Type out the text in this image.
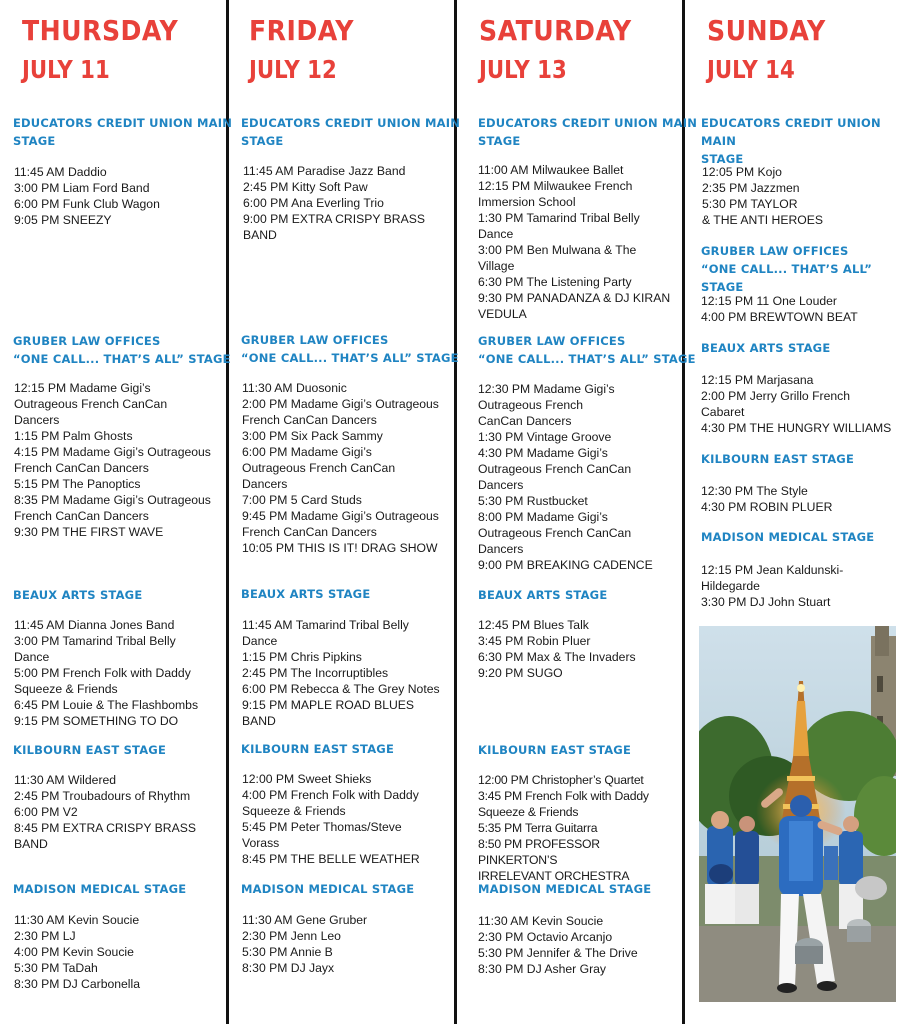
THURSDAY
JULY 11
FRIDAY
JULY 12
SATURDAY
JULY 13
SUNDAY
JULY 14
EDUCATORS CREDIT UNION MAIN
STAGE
11:45 AM Daddio
3:00 PM Liam Ford Band
6:00 PM Funk Club Wagon
9:05 PM SNEEZY
GRUBER LAW OFFICES
“ONE CALL... THAT’S ALL” STAGE
12:15 PM Madame Gigi’s
Outrageous French CanCan
Dancers
1:15 PM Palm Ghosts
4:15 PM Madame Gigi’s Outrageous
French CanCan Dancers
5:15 PM The Panoptics
8:35 PM Madame Gigi’s Outrageous
French CanCan Dancers
9:30 PM THE FIRST WAVE
BEAUX ARTS STAGE
11:45 AM Dianna Jones Band
3:00 PM Tamarind Tribal Belly
Dance
5:00 PM French Folk with Daddy
Squeeze & Friends
6:45 PM Louie & The Flashbombs
9:15 PM SOMETHING TO DO
KILBOURN EAST STAGE
11:30 AM Wildered
2:45 PM Troubadours of Rhythm
6:00 PM V2
8:45 PM EXTRA CRISPY BRASS
BAND
MADISON MEDICAL STAGE
11:30 AM Kevin Soucie
2:30 PM LJ
4:00 PM Kevin Soucie
5:30 PM TaDah
8:30 PM DJ Carbonella
EDUCATORS CREDIT UNION MAIN
STAGE
11:45 AM Paradise Jazz Band
2:45 PM Kitty Soft Paw
6:00 PM Ana Everling Trio
9:00 PM EXTRA CRISPY BRASS
BAND
GRUBER LAW OFFICES
“ONE CALL... THAT’S ALL” STAGE
11:30 AM Duosonic
2:00 PM Madame Gigi’s Outrageous
French CanCan Dancers
3:00 PM Six Pack Sammy
6:00 PM Madame Gigi’s
Outrageous French CanCan
Dancers
7:00 PM 5 Card Studs
9:45 PM Madame Gigi’s Outrageous
French CanCan Dancers
10:05 PM THIS IS IT! DRAG SHOW
BEAUX ARTS STAGE
11:45 AM Tamarind Tribal Belly
Dance
1:15 PM Chris Pipkins
2:45 PM The Incorruptibles
6:00 PM Rebecca & The Grey Notes
9:15 PM MAPLE ROAD BLUES
BAND
KILBOURN EAST STAGE
12:00 PM Sweet Shieks
4:00 PM French Folk with Daddy
Squeeze & Friends
5:45 PM Peter Thomas/Steve
Vorass
8:45 PM THE BELLE WEATHER
MADISON MEDICAL STAGE
11:30 AM Gene Gruber
2:30 PM Jenn Leo
5:30 PM Annie B
8:30 PM DJ Jayx
EDUCATORS CREDIT UNION MAIN
STAGE
11:00 AM Milwaukee Ballet
12:15 PM Milwaukee French
Immersion School
1:30 PM Tamarind Tribal Belly
Dance
3:00 PM Ben Mulwana & The
Village
6:30 PM The Listening Party
9:30 PM PANADANZA & DJ KIRAN
VEDULA
GRUBER LAW OFFICES
“ONE CALL... THAT’S ALL” STAGE
12:30 PM Madame Gigi’s
Outrageous French
CanCan Dancers
1:30 PM Vintage Groove
4:30 PM Madame Gigi’s
Outrageous French CanCan
Dancers
5:30 PM Rustbucket
8:00 PM Madame Gigi’s
Outrageous French CanCan
Dancers
9:00 PM BREAKING CADENCE
BEAUX ARTS STAGE
12:45 PM Blues Talk
3:45 PM Robin Pluer
6:30 PM Max & The Invaders
9:20 PM SUGO
KILBOURN EAST STAGE
12:00 PM Christopher’s Quartet
3:45 PM French Folk with Daddy
Squeeze & Friends
5:35 PM Terra Guitarra
8:50 PM PROFESSOR PINKERTON’S
IRRELEVANT ORCHESTRA
MADISON MEDICAL STAGE
11:30 AM Kevin Soucie
2:30 PM Octavio Arcanjo
5:30 PM Jennifer & The Drive
8:30 PM DJ Asher Gray
EDUCATORS CREDIT UNION MAIN
STAGE
12:05 PM Kojo
2:35 PM Jazzmen
5:30 PM TAYLOR
& THE ANTI HEROES
GRUBER LAW OFFICES
“ONE CALL... THAT’S ALL” STAGE
12:15 PM 11 One Louder
4:00 PM BREWTOWN BEAT
BEAUX ARTS STAGE
12:15 PM Marjasana
2:00 PM Jerry Grillo French
Cabaret
4:30 PM THE HUNGRY WILLIAMS
KILBOURN EAST STAGE
12:30 PM The Style
4:30 PM ROBIN PLUER
MADISON MEDICAL STAGE
12:15 PM Jean Kaldunski-
Hildegarde
3:30 PM DJ John Stuart
